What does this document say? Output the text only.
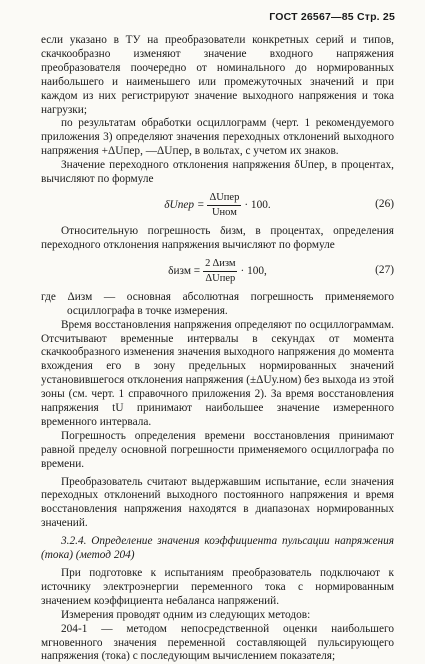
ГОСТ 26567—85 Стр. 25

если указано в ТУ на преобразователи конкретных серий и типов, скачкообразно изменяют значение входного напряжения преобразователя поочередно от номинального до нормированных наибольшего и наименьшего или промежуточных значений и при каждом из них регистрируют значение выходного напряжения и тока нагрузки;

по результатам обработки осциллограмм (черт. 1 рекомендуемого приложения 3) определяют значения переходных отклонений выходного напряжения +ΔUпер, —ΔUпер, в вольтах, с учетом их знаков.

Значение переходного отклонения напряжения δUпер, в процентах, вычисляют по формуле

δUпер = $\frac{\text{ΔUпер}}{\text{Uном}} \cdot 100$.	(26)

Относительную погрешность δизм, в процентах, определения переходного отклонения напряжения вычисляют по формуле

$\delta изм = \frac{\text{2 Δизм}}{\text{ΔUпер}} \cdot 100$,	(27)

где Δизм — основная абсолютная погрешность применяемого осциллографа в точке измерения.

Время восстановления напряжения определяют по осциллограммам. Отсчитывают временные интервалы в секундах от момента скачкообразного изменения значения выходного напряжения до момента вхождения его в зону предельных нормированных значений установившегося отклонения напряжения (±ΔUу.ном) без выхода из этой зоны (см. черт. 1 справочного приложения 2). За время восстановления напряжения tU принимают наибольшее значение измеренного временного интервала.

Погрешность определения времени восстановления принимают равной пределу основной погрешности применяемого осциллографа по времени.

Преобразователь считают выдержавшим испытание, если значения переходных отклонений выходного постоянного напряжения и время восстановления напряжения находятся в диапазонах нормированных значений.

3.2.4. Определение значения коэффициента пульсации напряжения (тока) (метод 204)

При подготовке к испытаниям преобразователь подключают к источнику электроэнергии переменного тока с нормированным значением коэффициента небаланса напряжений.

Измерения проводят одним из следующих методов:

204-1 — методом непосредственной оценки наибольшего мгновенного значения переменной составляющей пульсирующего напряжения (тока) с последующим вычислением показателя;
